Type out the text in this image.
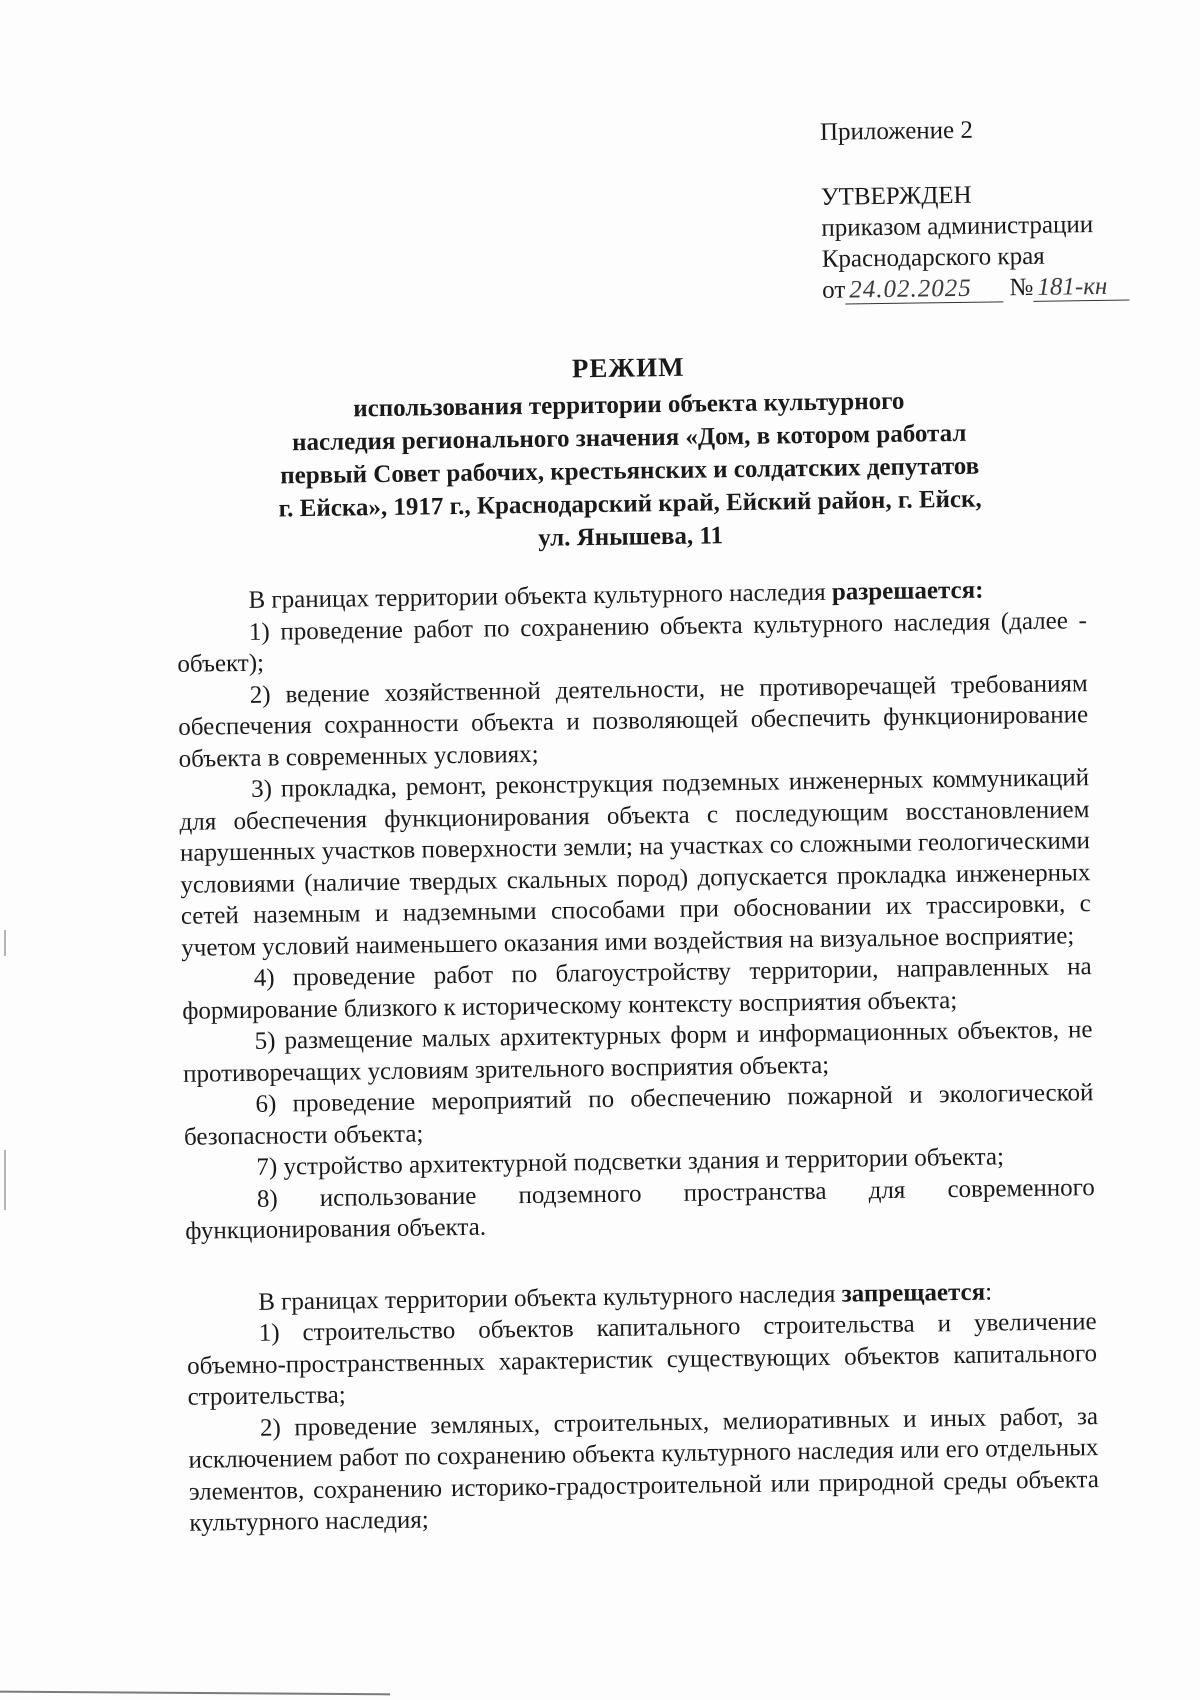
Приложение 2
УТВЕРЖДЕН
приказом администрации
Краснодарского края
от 24.02.2025 № 181-кн
РЕЖИМ
использования территории объекта культурного
наследия регионального значения «Дом, в котором работал
первый Совет рабочих, крестьянских и солдатских депутатов
г. Ейска», 1917 г., Краснодарский край, Ейский район, г. Ейск,
ул. Янышева, 11

В границах территории объекта культурного наследия разрешается:

1) проведение работ по сохранению объекта культурного наследия (далее - объект);

2) ведение хозяйственной деятельности, не противоречащей требованиям обеспечения сохранности объекта и позволяющей обеспечить функционирование объекта в современных условиях;

3) прокладка, ремонт, реконструкция подземных инженерных коммуникаций для обеспечения функционирования объекта с последующим восстановлением нарушенных участков поверхности земли; на участках со сложными геологическими условиями (наличие твердых скальных пород) допускается прокладка инженерных сетей наземным и надземными способами при обосновании их трассировки, с учетом условий наименьшего оказания ими воздействия на визуальное восприятие;

4) проведение работ по благоустройству территории, направленных на формирование близкого к историческому контексту восприятия объекта;

5) размещение малых архитектурных форм и информационных объектов, не противоречащих условиям зрительного восприятия объекта;

6) проведение мероприятий по обеспечению пожарной и экологической безопасности объекта;

7) устройство архитектурной подсветки здания и территории объекта;

8) использование подземного пространства для современного функционирования объекта.

В границах территории объекта культурного наследия запрещается:

1) строительство объектов капитального строительства и увеличение объемно-пространственных характеристик существующих объектов капитального строительства;

2) проведение земляных, строительных, мелиоративных и иных работ, за исключением работ по сохранению объекта культурного наследия или его отдельных элементов, сохранению историко-градостроительной или природной среды объекта культурного наследия;
